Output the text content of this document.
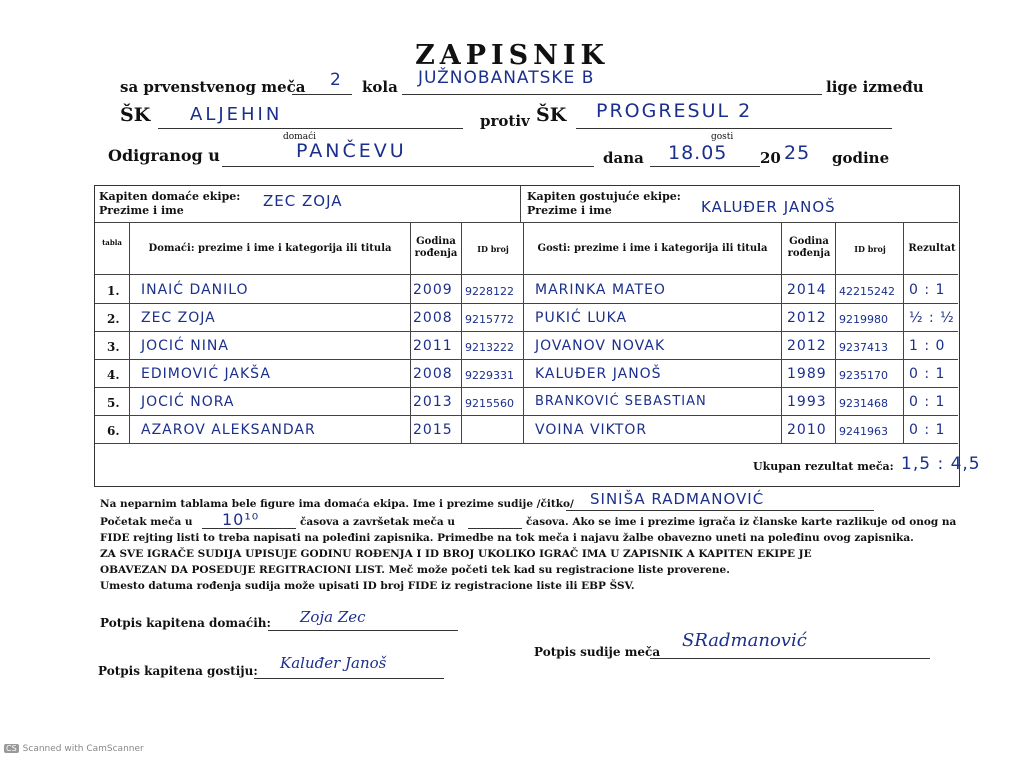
ZAPISNIK
sa prvenstvenog meča 2 kola JUŽNOBANATSKE B	lige između
ŠK ALJEHIN
domaći
protiv ŠK PROGRESUL 2
gosti
Odigranog u	PANČEVU	dana 18.05 20 25 godine
Kapiten domaće ekipe:
Prezime i ime
ZEC ZOJA	Kapiten gostujuće ekipe:
Prezime i ime	KALUĐER JANOŠ
tabla
Domaći: prezime i ime i kategorija ili titula
Godina rođenja	ID broj	Gosti: prezime i ime i kategorija ili titula
Godina rođenja	ID broj	Rezultat
1. INAIĆ DANILO	2009 9228122 MARINKA MATEO	2014 42215242 0 : 1
2. ZEC ZOJA	2008 9215772 PUKIĆ LUKA	2012 9219980 ½ : ½
3. JOCIĆ NINA	2011 9213222 JOVANOV NOVAK	2012 9237413 1 : 0
4. EDIMOVIĆ JAKŠA	2008 9229331 KALUĐER JANOŠ	1989 9235170 0 : 1
5. JOCIĆ NORA	2013 9215560 BRANKOVIĆ SEBASTIAN	1993 9231468 0 : 1
6. AZAROV ALEKSANDAR	2015	VOINA VIKTOR	2010 9241963 0 : 1
Ukupan rezultat meča: 1,5 : 4,5
Na neparnim tablama bele figure ima domaća ekipa. Ime i prezime sudije /čitko/ SINIŠA RADMANOVIĆ
Početak meča u 10¹⁰	časova a završetak meča u	časova. Ako se ime i prezime igrača iz članske karte razlikuje od onog na
FIDE rejting listi to treba napisati na poleđini zapisnika. Primedbe na tok meča i najavu žalbe obavezno uneti na poleđinu ovog zapisnika.
ZA SVE IGRAČE SUDIJA UPISUJE GODINU ROĐENJA I ID BROJ UKOLIKO IGRAČ IMA U ZAPISNIK A KAPITEN EKIPE JE
OBAVEZAN DA POSEDUJE REGITRACIONI LIST. Meč može početi tek kad su registracione liste proverene.
Umesto datuma rođenja sudija može upisati ID broj FIDE iz registracione liste ili EBP ŠSV.
Potpis kapitena domaćih: Zoja Zec
Potpis kapitena gostiju: Kaluđer Janoš
Potpis sudije meča
SRadmanović
CS Scanned with CamScanner
